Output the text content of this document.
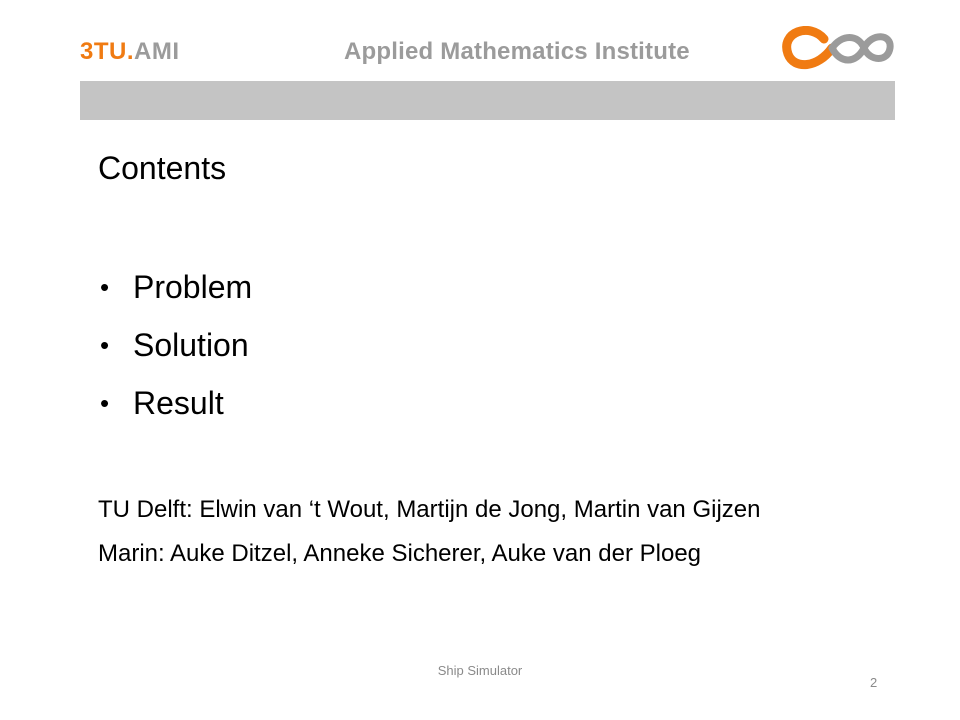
3TU.AMI	Applied Mathematics Institute
Contents
• Problem
• Solution
• Result

TU Delft: Elwin van ‘t Wout, Martijn de Jong, Martin van Gijzen

Marin: Auke Ditzel, Anneke Sicherer, Auke van der Ploeg

Ship Simulator
2
